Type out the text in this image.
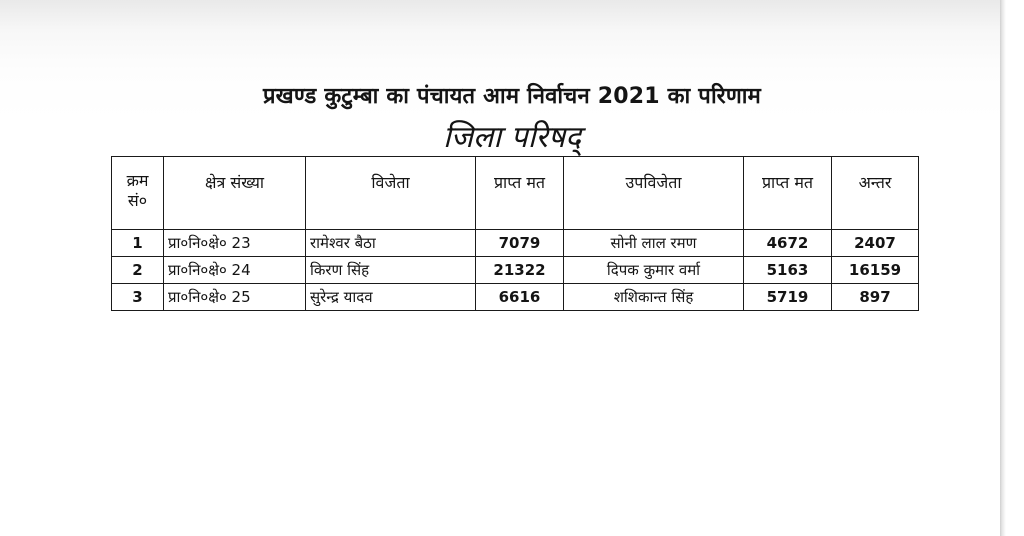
प्रखण्ड कुटुम्बा का पंचायत आम निर्वाचन 2021 का परिणाम
जिला परिषद्
क्रम
सं०	क्षेत्र संख्या	विजेता	प्राप्त मत	उपविजेता	प्राप्त मत	अन्तर
1	प्रा०नि०क्षे० 23	रामेश्वर बैठा	7079	सोनी लाल रमण	4672	2407
2	प्रा०नि०क्षे० 24	किरण सिंह	21322	दिपक कुमार वर्मा	5163	16159
3	प्रा०नि०क्षे० 25	सुरेन्द्र यादव	6616	शशिकान्त सिंह	5719	897
